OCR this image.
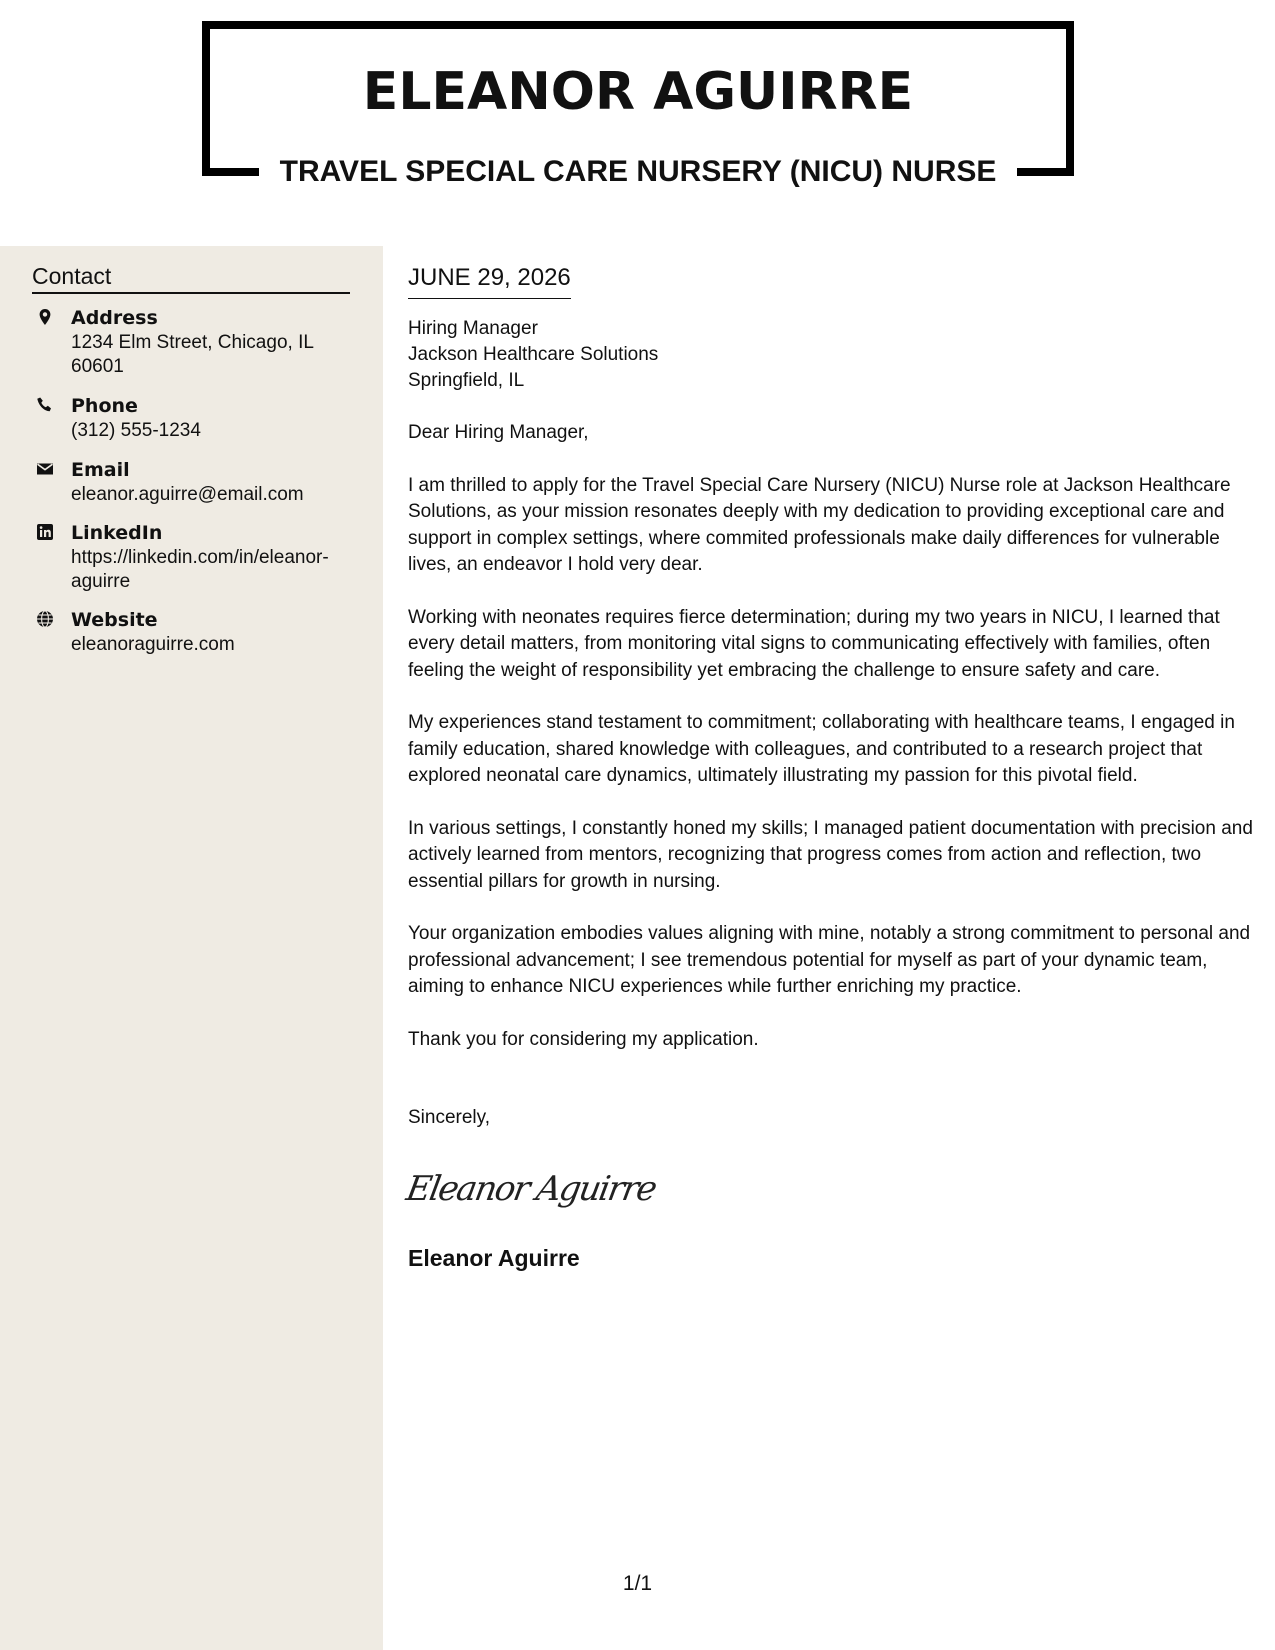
ELEANOR AGUIRRE
TRAVEL SPECIAL CARE NURSERY (NICU) NURSE
Contact
Address
1234 Elm Street, Chicago, IL 60601
Phone
(312) 555-1234
Email
eleanor.aguirre@email.com
LinkedIn
https://linkedin.com/in/eleanor-aguirre
Website
eleanoraguirre.com
JUNE 29, 2026
Hiring Manager
Jackson Healthcare Solutions
Springfield, IL

Dear Hiring Manager,

I am thrilled to apply for the Travel Special Care Nursery (NICU) Nurse role at Jackson Healthcare Solutions, as your mission resonates deeply with my dedication to providing exceptional care and support in complex settings, where commited professionals make daily differences for vulnerable lives, an endeavor I hold very dear.

Working with neonates requires fierce determination; during my two years in NICU, I learned that every detail matters, from monitoring vital signs to communicating effectively with families, often feeling the weight of responsibility yet embracing the challenge to ensure safety and care.

My experiences stand testament to commitment; collaborating with healthcare teams, I engaged in family education, shared knowledge with colleagues, and contributed to a research project that explored neonatal care dynamics, ultimately illustrating my passion for this pivotal field.

In various settings, I constantly honed my skills; I managed patient documentation with precision and actively learned from mentors, recognizing that progress comes from action and reflection, two essential pillars for growth in nursing.

Your organization embodies values aligning with mine, notably a strong commitment to personal and professional advancement; I see tremendous potential for myself as part of your dynamic team, aiming to enhance NICU experiences while further enriching my practice.

Thank you for considering my application.

Sincerely,

Eleanor Aguirre
Eleanor Aguirre
1/1
